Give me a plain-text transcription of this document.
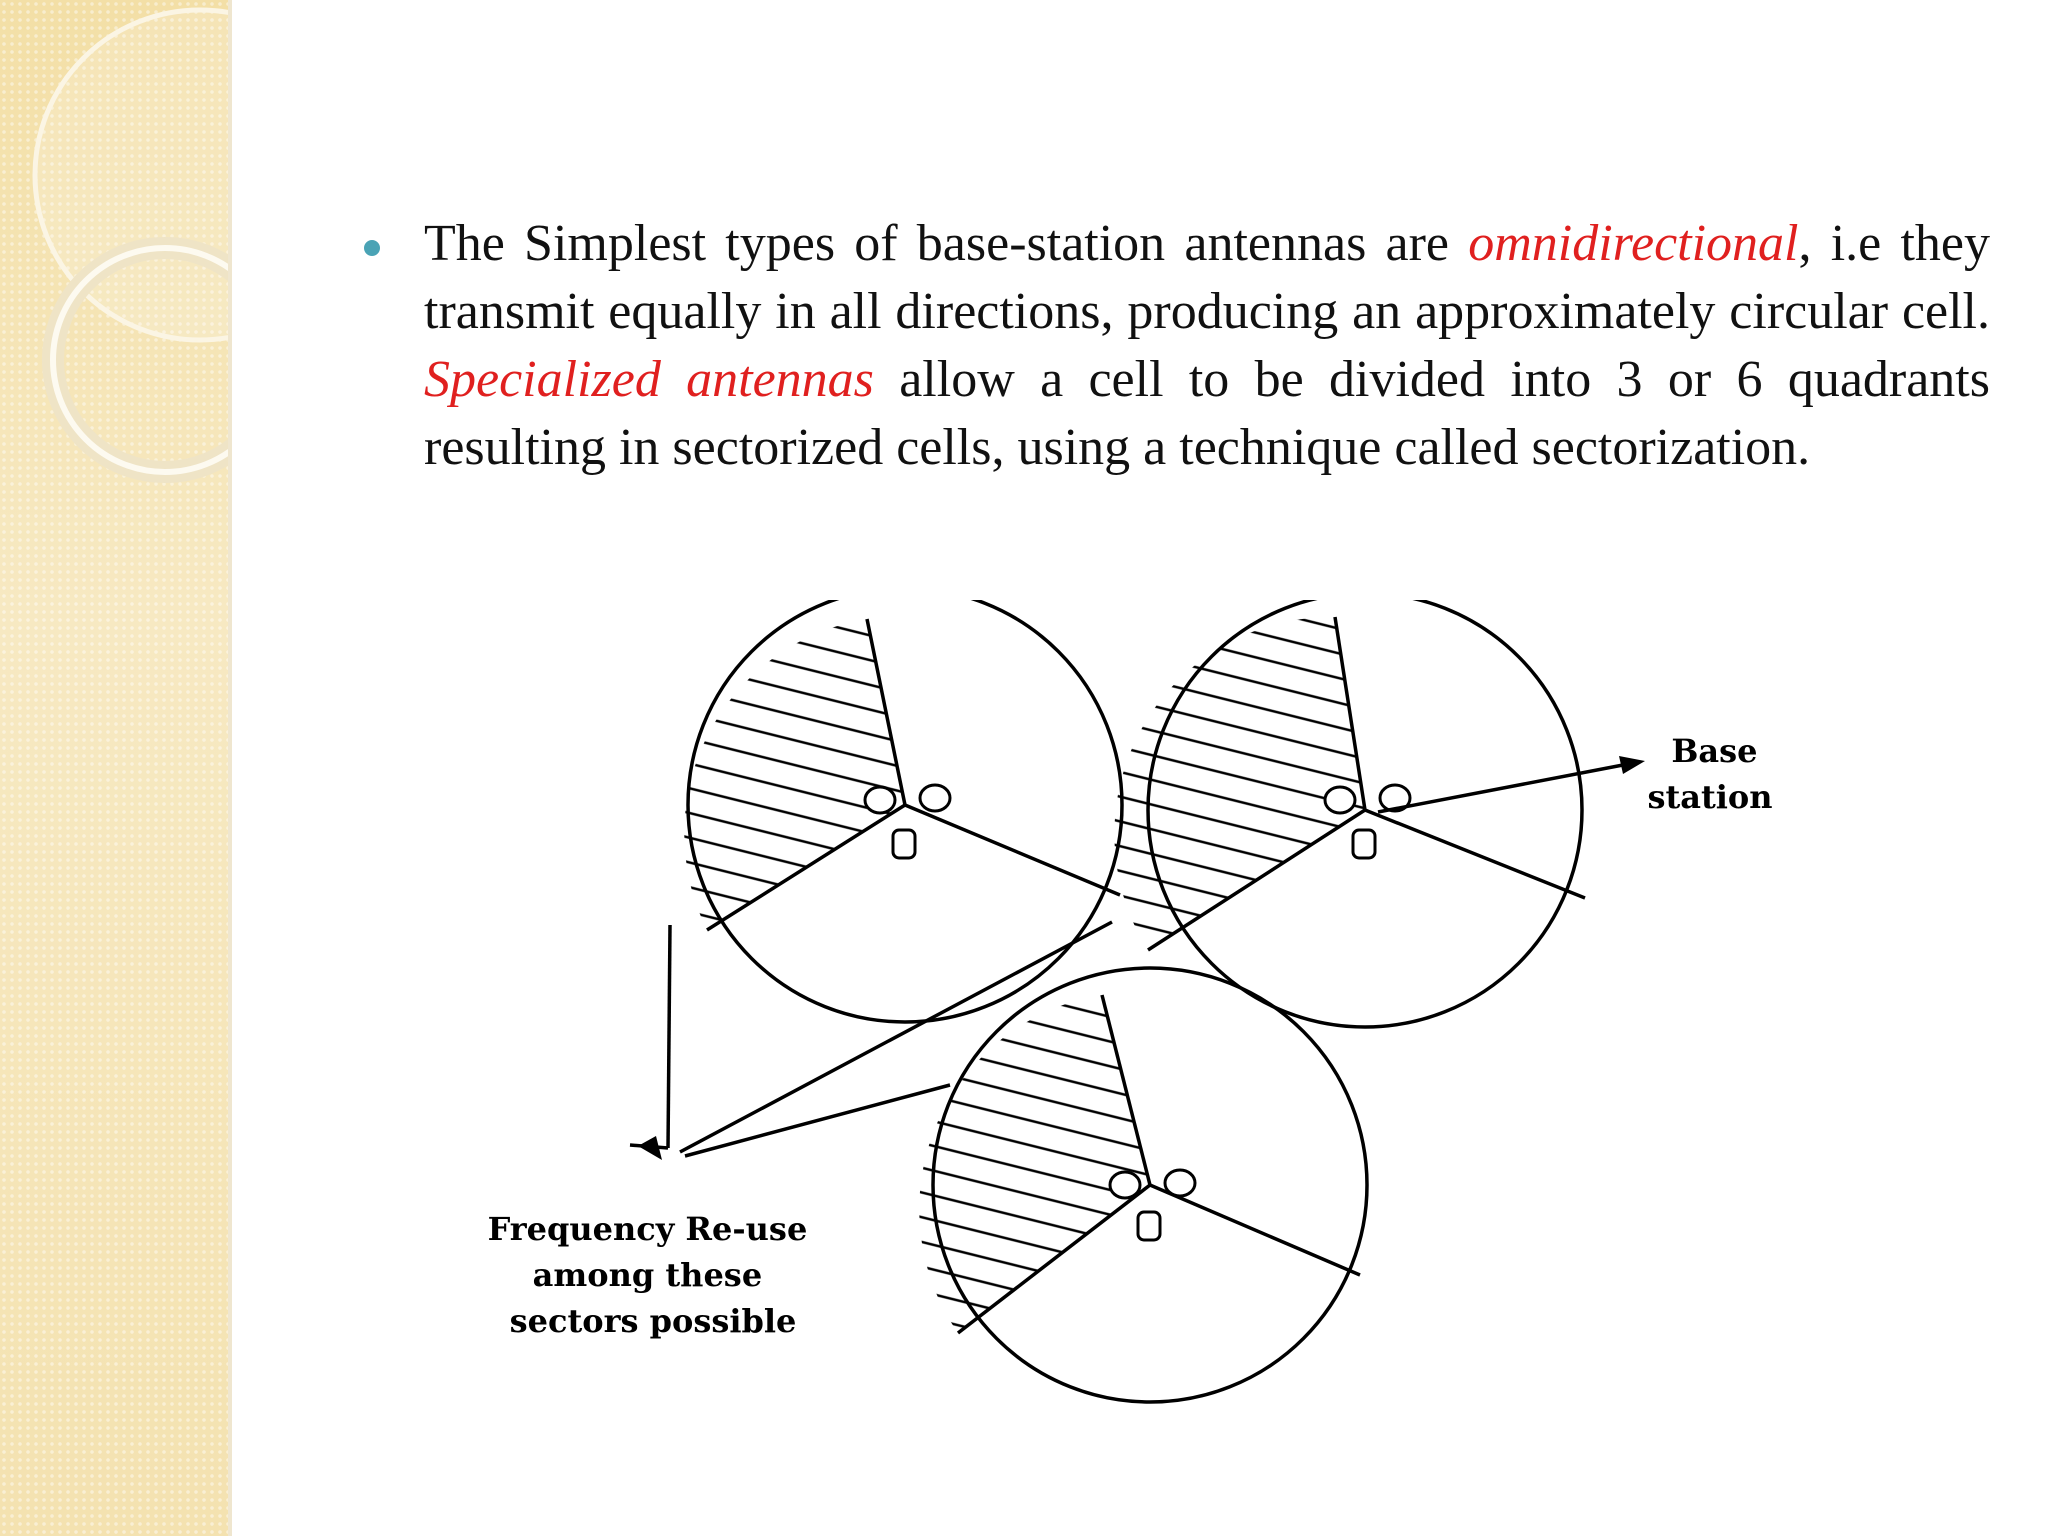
The Simplest types of base-station antennas are omnidirectional, i.e they transmit equally in all directions, producing an approximately circular cell. Specialized antennas allow a cell to be divided into 3 or 6 quadrants resulting in sectorized cells, using a technique called sectorization.

Base station
Frequency Re-use among these sectors possible
